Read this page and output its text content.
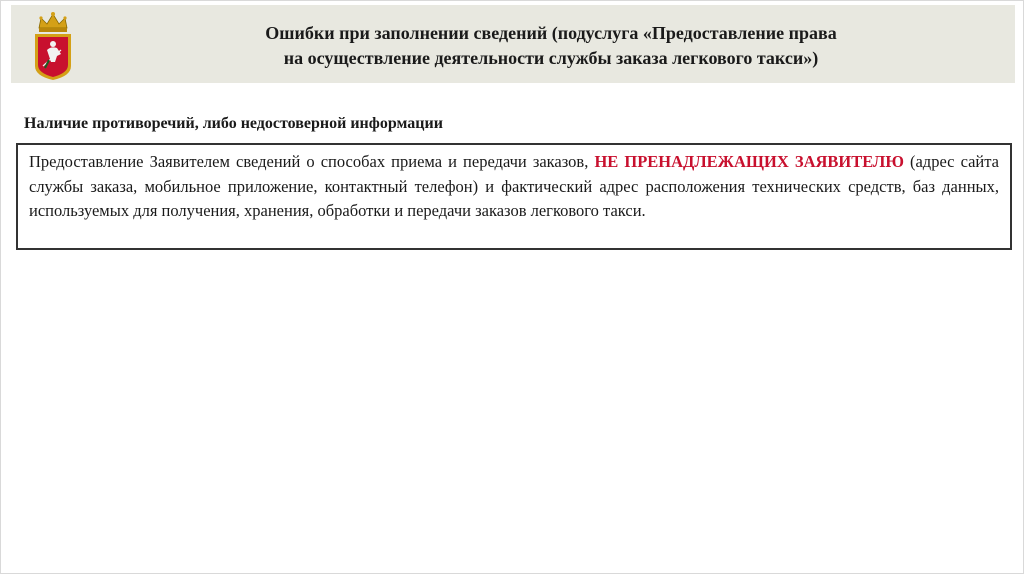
Ошибки при заполнении сведений (подуслуга «Предоставление права
на осуществление деятельности службы заказа легкового такси»)
Наличие противоречий, либо недостоверной информации

Предоставление Заявителем сведений о способах приема и передачи заказов, НЕ ПРЕНАДЛЕЖАЩИХ ЗАЯВИТЕЛЮ (адрес сайта службы заказа, мобильное приложение, контактный телефон) и фактический адрес расположения технических средств, баз данных, используемых для получения, хранения, обработки и передачи заказов легкового такси.
